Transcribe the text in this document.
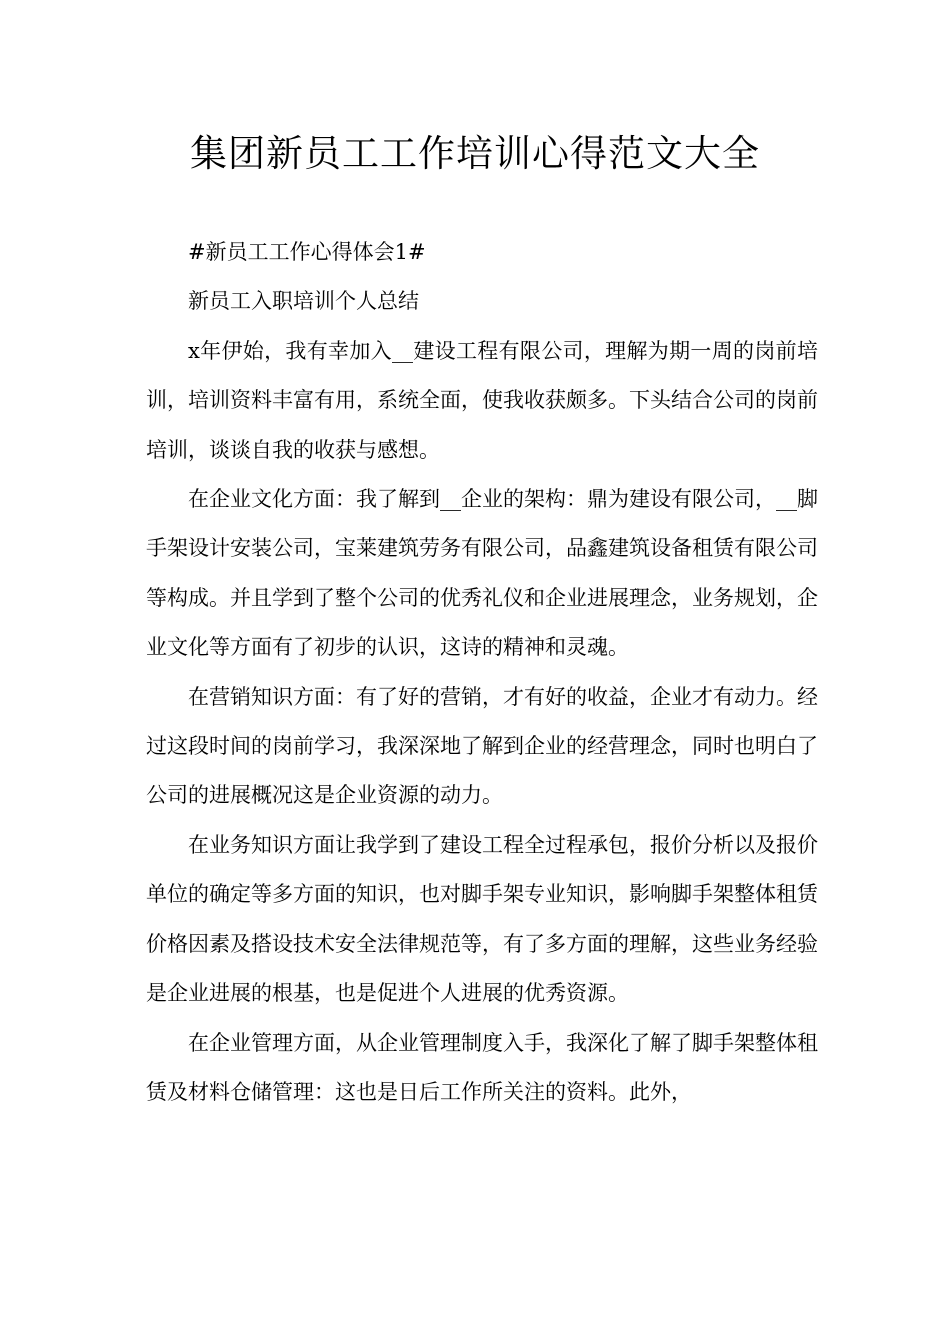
集团新员工工作培训心得范文大全

#新员工工作心得体会1#

新员工入职培训个人总结

x年伊始，我有幸加入__建设工程有限公司，理解为期一周的岗前培训，培训资料丰富有用，系统全面，使我收获颇多。下头结合公司的岗前培训，谈谈自我的收获与感想。

在企业文化方面：我了解到__企业的架构：鼎为建设有限公司，__脚手架设计安装公司，宝莱建筑劳务有限公司，品鑫建筑设备租赁有限公司等构成。并且学到了整个公司的优秀礼仪和企业进展理念，业务规划，企业文化等方面有了初步的认识，这诗的精神和灵魂。

在营销知识方面：有了好的营销，才有好的收益，企业才有动力。经过这段时间的岗前学习，我深深地了解到企业的经营理念，同时也明白了公司的进展概况这是企业资源的动力。

在业务知识方面让我学到了建设工程全过程承包，报价分析以及报价单位的确定等多方面的知识，也对脚手架专业知识，影响脚手架整体租赁价格因素及搭设技术安全法律规范等，有了多方面的理解，这些业务经验是企业进展的根基，也是促进个人进展的优秀资源。

在企业管理方面，从企业管理制度入手，我深化了解了脚手架整体租赁及材料仓储管理：这也是日后工作所关注的资料。此外，
